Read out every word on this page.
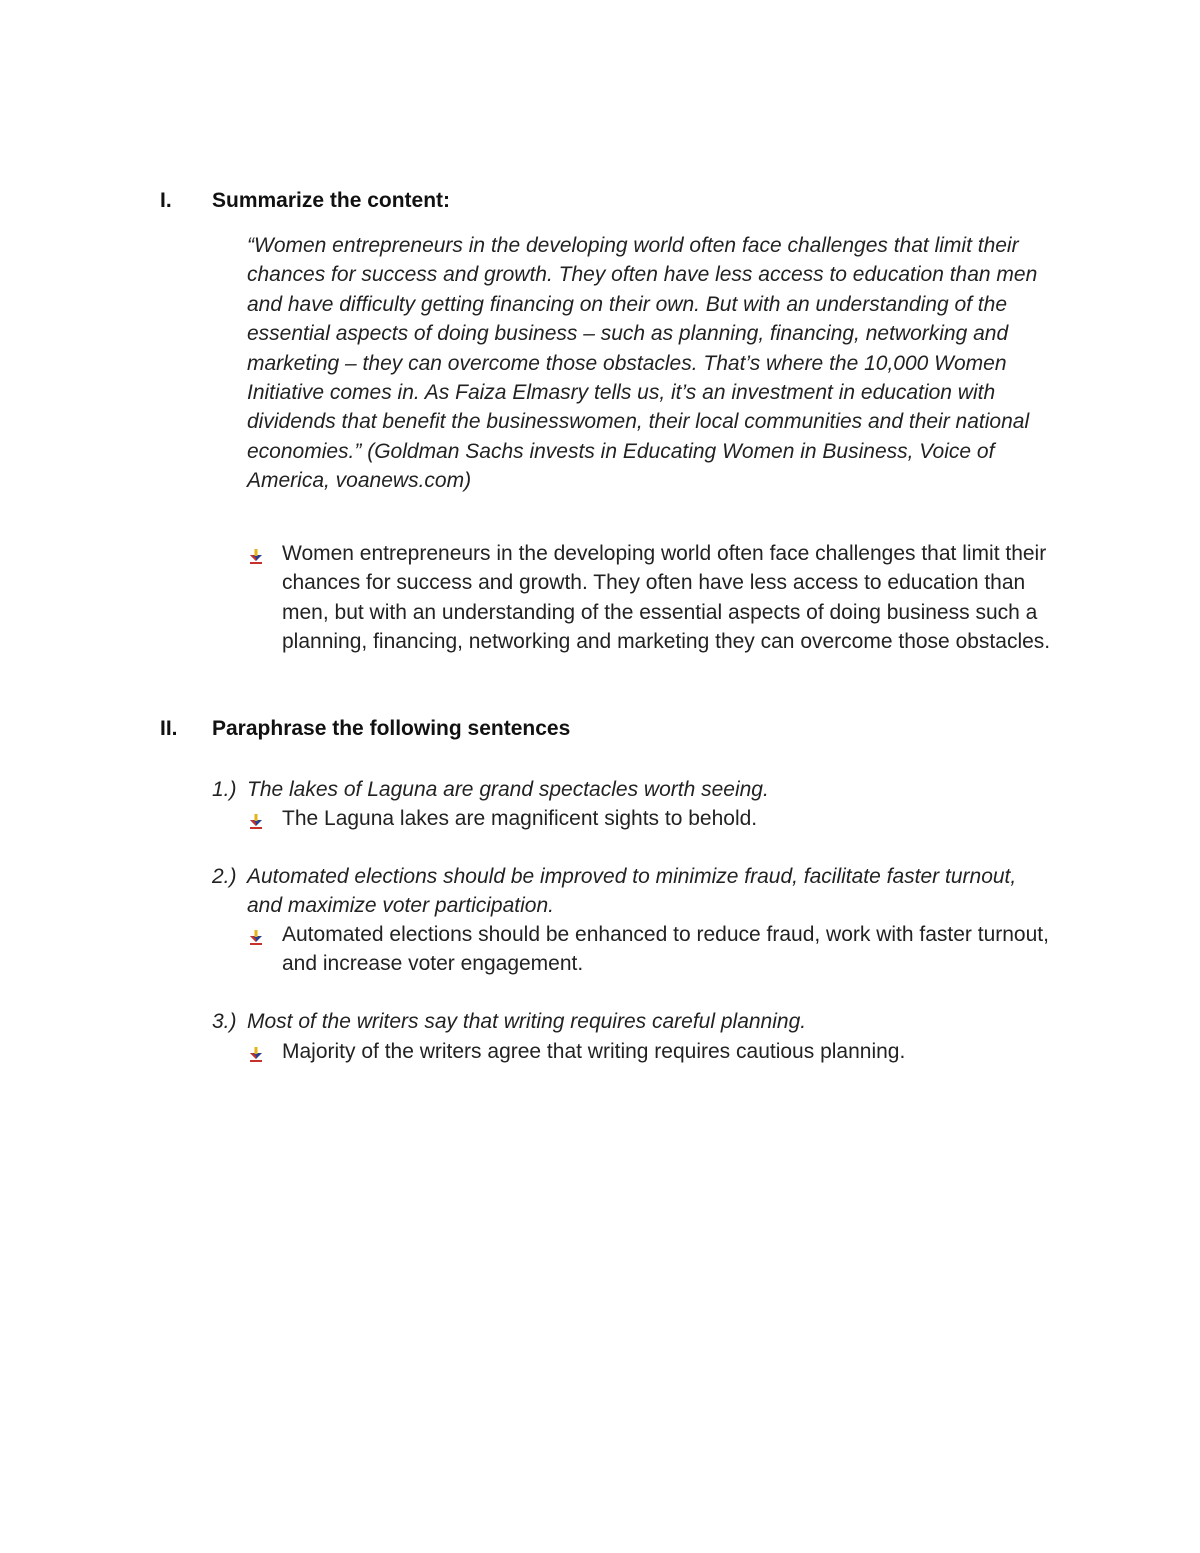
I. Summarize the content:
“Women entrepreneurs in the developing world often face challenges that limit their chances for success and growth. They often have less access to education than men and have difficulty getting financing on their own. But with an understanding of the essential aspects of doing business – such as planning, financing, networking and marketing – they can overcome those obstacles. That’s where the 10,000 Women Initiative comes in. As Faiza Elmasry tells us, it’s an investment in education with dividends that benefit the businesswomen, their local communities and their national economies.” (Goldman Sachs invests in Educating Women in Business, Voice of America, voanews.com)
Women entrepreneurs in the developing world often face challenges that limit their chances for success and growth. They often have less access to education than men, but with an understanding of the essential aspects of doing business such a planning, financing, networking and marketing they can overcome those obstacles.
II. Paraphrase the following sentences
1.) The lakes of Laguna are grand spectacles worth seeing.
The Laguna lakes are magnificent sights to behold.
2.) Automated elections should be improved to minimize fraud, facilitate faster turnout, and maximize voter participation.
Automated elections should be enhanced to reduce fraud, work with faster turnout, and increase voter engagement.
3.) Most of the writers say that writing requires careful planning.
Majority of the writers agree that writing requires cautious planning.
